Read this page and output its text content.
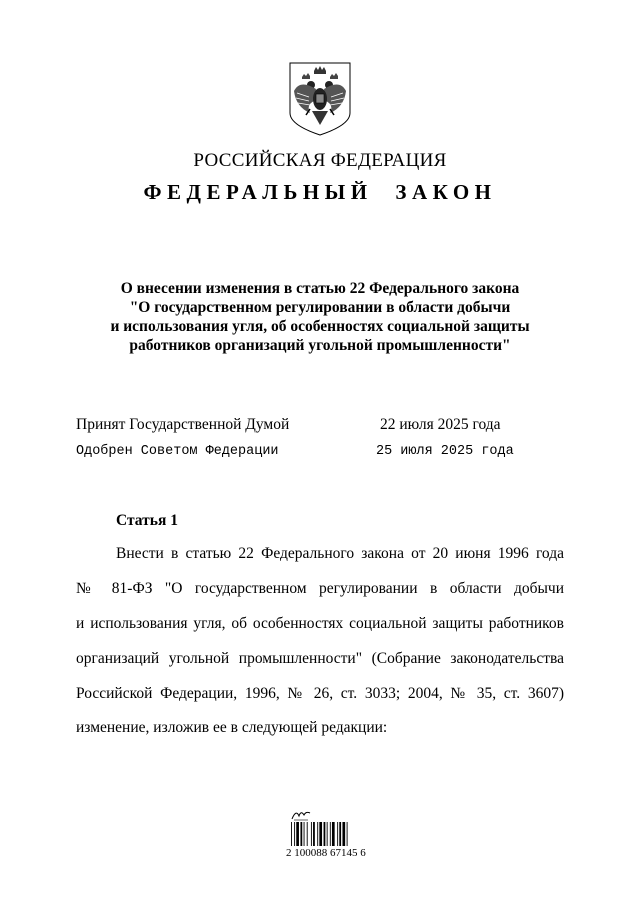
РОССИЙСКАЯ ФЕДЕРАЦИЯ
ФЕДЕРАЛЬНЫЙ ЗАКОН
О внесении изменения в статью 22 Федерального закона
"О государственном регулировании в области добычи
и использования угля, об особенностях социальной защиты
работников организаций угольной промышленности"
Принят Государственной Думой	22 июля 2025 года
Одобрен Советом Федерации	25 июля 2025 года
Статья 1
Внести в статью 22 Федерального закона от 20 июня 1996 года
№ 81-ФЗ "О государственном регулировании в области добычи
и использования угля, об особенностях социальной защиты работников
организаций угольной промышленности" (Собрание законодательства
Российской Федерации, 1996, № 26, ст. 3033; 2004, № 35, ст. 3607)
изменение, изложив ее в следующей редакции:
2 100088 67145 6
